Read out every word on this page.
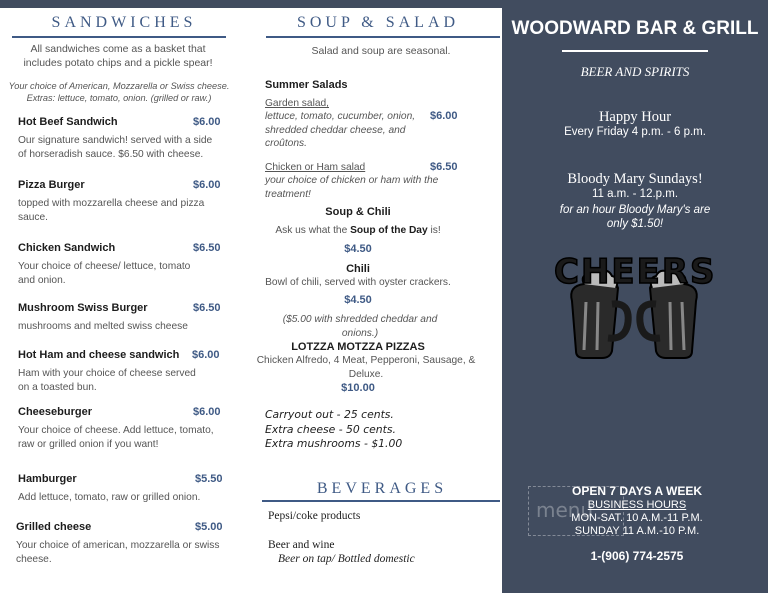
SANDWICHES
All sandwiches come as a basket that includes potato chips and a pickle spear!
Your choice of American, Mozzarella or Swiss cheese. Extras: lettuce, tomato, onion. (grilled or raw.)
Hot Beef Sandwich	$6.00
Our signature sandwich! served with a side of horseradish sauce. $6.50 with cheese.
Pizza Burger	$6.00
topped with mozzarella cheese and pizza sauce.
Chicken Sandwich	$6.50
Your choice of cheese/ lettuce, tomato and onion.
Mushroom Swiss Burger	$6.50
mushrooms and melted swiss cheese
Hot Ham and cheese sandwich $6.00
Ham with your choice of cheese served on a toasted bun.
Cheeseburger	$6.00
Your choice of cheese. Add lettuce, tomato, raw or grilled onion if you want!
Hamburger	$5.50
Add lettuce, tomato, raw or grilled onion.
Grilled cheese	$5.00
Your choice of american, mozzarella or swiss cheese.
SOUP & SALAD
Salad and soup are seasonal.
Summer Salads
Garden salad,
lettuce, tomato, cucumber, onion, shredded cheddar cheese, and croûtons.
$6.00
Chicken or Ham salad	$6.50
your choice of chicken or ham with the treatment!
Soup & Chili
Ask us what the Soup of the Day is!
$4.50
Chili
Bowl of chili, served with oyster crackers.
$4.50
($5.00 with shredded cheddar and onions.)
LOTZZA MOTZZA PIZZAS
Chicken Alfredo, 4 Meat, Pepperoni, Sausage, & Deluxe.
$10.00
Carryout out - 25 cents.
Extra cheese - 50 cents.
Extra mushrooms - $1.00
BEVERAGES
Pepsi/coke products
Beer and wine
Beer on tap/ Bottled domestic
WOODWARD BAR & GRILL
BEER AND SPIRITS
Happy Hour
Every Friday 4 p.m. - 6 p.m.
Bloody Mary Sundays!
11 a.m. - 12.p.m.
for an hour Bloody Mary's are only $1.50!
CHEERS
menu
OPEN 7 DAYS A WEEK
BUSINESS HOURS
MON-SAT. 10 A.M.-11 P.M.
SUNDAY 11 A.M.-10 P.M.
1-(906) 774-2575
